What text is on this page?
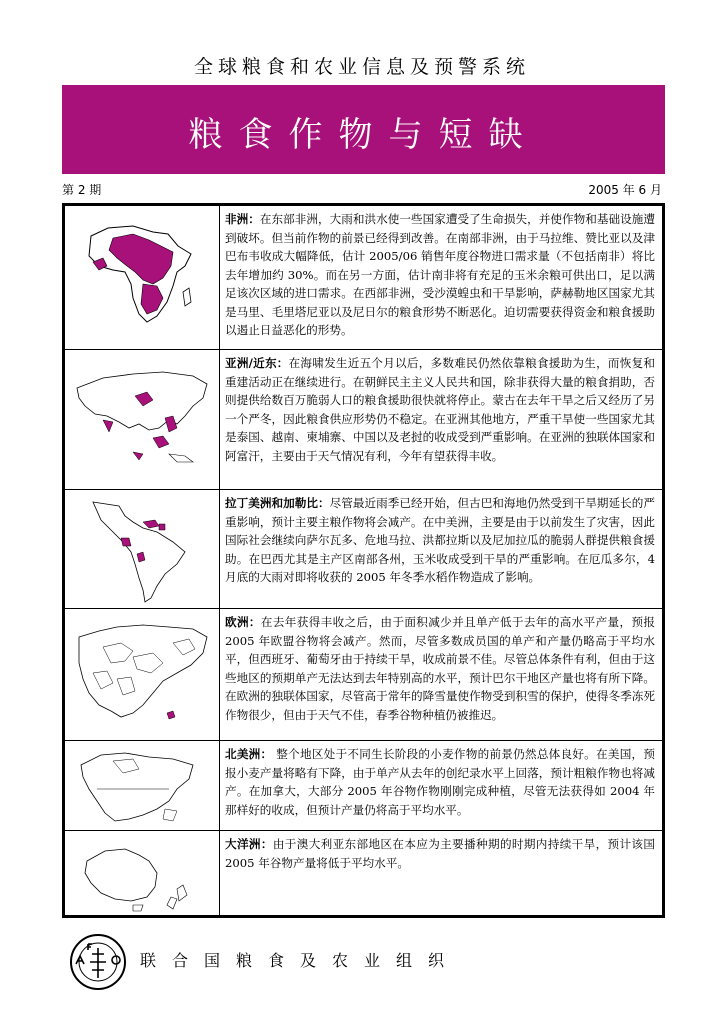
全球粮食和农业信息及预警系统
粮食作物与短缺
第 2 期	2005 年 6 月
非洲：在东部非洲，大雨和洪水使一些国家遭受了生命损失，并使作物和基础设施遭到破坏。但当前作物的前景已经得到改善。在南部非洲，由于马拉维、赞比亚以及津巴布韦收成大幅降低，估计 2005/06 销售年度谷物进口需求量（不包括南非）将比去年增加约 30%。而在另一方面，估计南非将有充足的玉米余粮可供出口，足以满足该次区域的进口需求。在西部非洲，受沙漠蝗虫和干旱影响，萨赫勒地区国家尤其是马里、毛里塔尼亚以及尼日尔的粮食形势不断恶化。迫切需要获得资金和粮食援助以遏止日益恶化的形势。
亚洲/近东：在海啸发生近五个月以后，多数难民仍然依靠粮食援助为生，而恢复和重建活动正在继续进行。在朝鲜民主主义人民共和国，除非获得大量的粮食捐助，否则提供给数百万脆弱人口的粮食援助很快就将停止。蒙古在去年干旱之后又经历了另一个严冬，因此粮食供应形势仍不稳定。在亚洲其他地方，严重干旱使一些国家尤其是泰国、越南、柬埔寨、中国以及老挝的收成受到严重影响。在亚洲的独联体国家和阿富汗，主要由于天气情况有利，今年有望获得丰收。
拉丁美洲和加勒比：尽管最近雨季已经开始，但古巴和海地仍然受到干旱期延长的严重影响，预计主要主粮作物将会减产。在中美洲，主要是由于以前发生了灾害，因此国际社会继续向萨尔瓦多、危地马拉、洪都拉斯以及尼加拉瓜的脆弱人群提供粮食援助。在巴西尤其是主产区南部各州，玉米收成受到干旱的严重影响。在厄瓜多尔，4 月底的大雨对即将收获的 2005 年冬季水稻作物造成了影响。
欧洲：在去年获得丰收之后，由于面积减少并且单产低于去年的高水平产量，预报 2005 年欧盟谷物将会减产。然而，尽管多数成员国的单产和产量仍略高于平均水平，但西班牙、葡萄牙由于持续干旱，收成前景不佳。尽管总体条件有利，但由于这些地区的预期单产无法达到去年特别高的水平，预计巴尔干地区产量也将有所下降。在欧洲的独联体国家，尽管高于常年的降雪量使作物受到积雪的保护，使得冬季冻死作物很少，但由于天气不佳，春季谷物种植仍被推迟。
北美洲： 整个地区处于不同生长阶段的小麦作物的前景仍然总体良好。在美国，预报小麦产量将略有下降，由于单产从去年的创纪录水平上回落，预计粗粮作物也将减产。在加拿大，大部分 2005 年谷物作物刚刚完成种植，尽管无法获得如 2004 年那样好的收成，但预计产量仍将高于平均水平。
大洋洲：由于澳大利亚东部地区在本应为主要播种期的时期内持续干旱，预计该国 2005 年谷物产量将低于平均水平。
联合国粮食及农业组织
